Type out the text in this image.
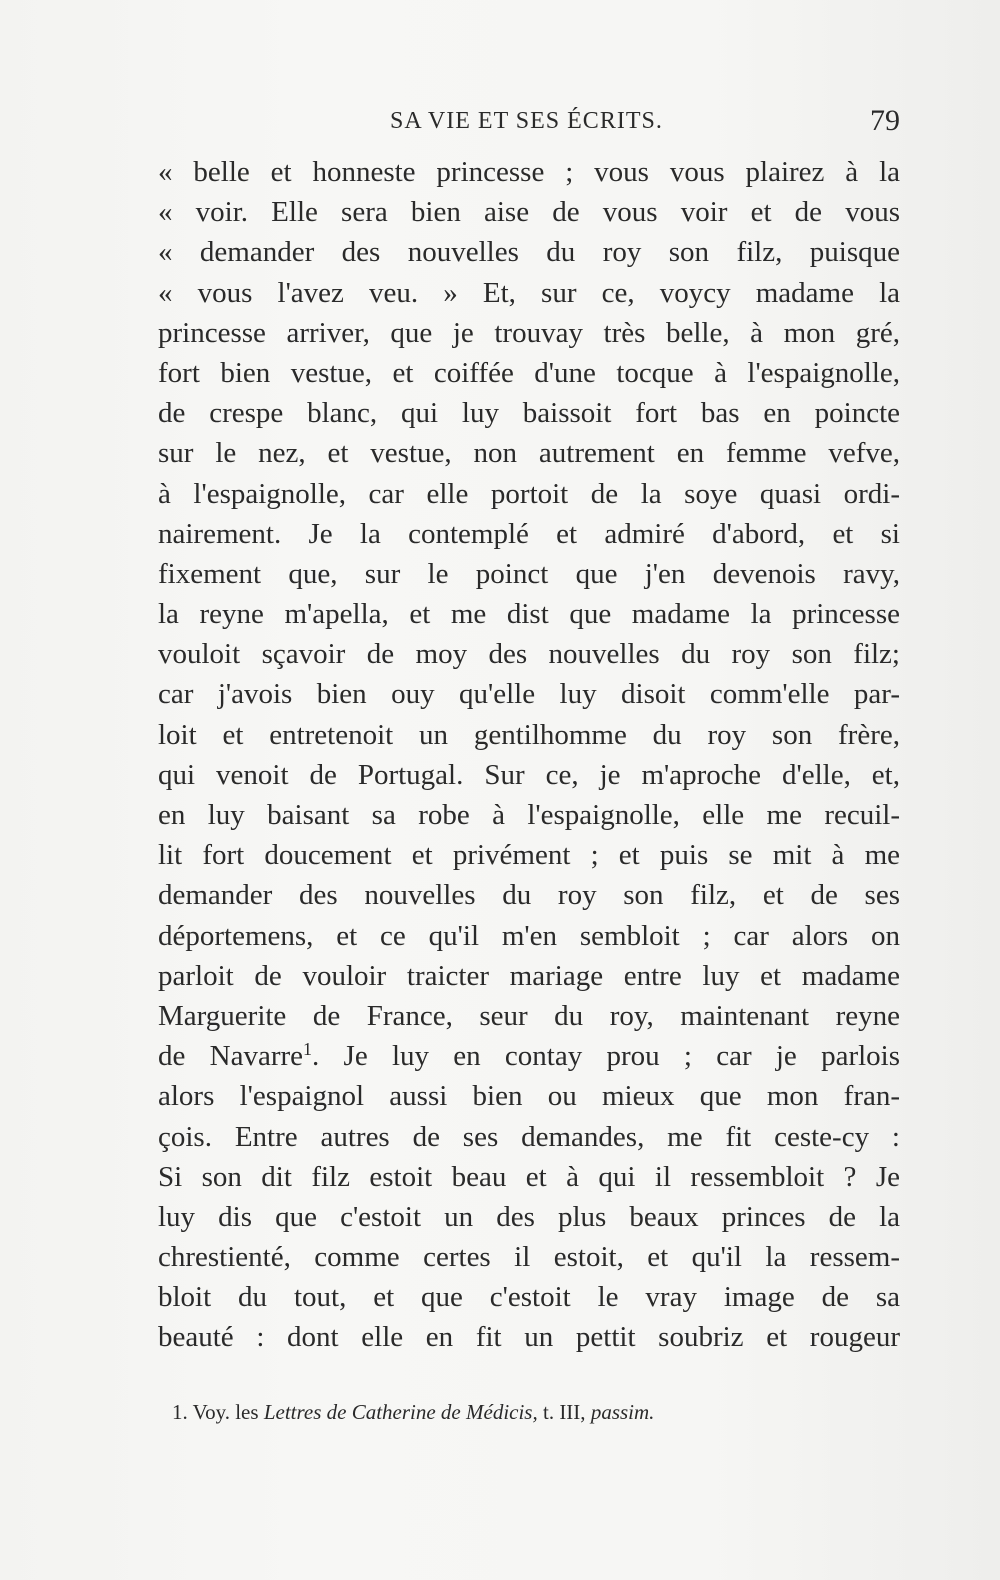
SA VIE ET SES ÉCRITS.	79
« belle et honneste princesse ; vous vous plairez à la
« voir. Elle sera bien aise de vous voir et de vous
« demander des nouvelles du roy son filz, puisque
« vous l'avez veu. » Et, sur ce, voycy madame la
princesse arriver, que je trouvay très belle, à mon gré,
fort bien vestue, et coiffée d'une tocque à l'espaignolle,
de crespe blanc, qui luy baissoit fort bas en poincte
sur le nez, et vestue, non autrement en femme vefve,
à l'espaignolle, car elle portoit de la soye quasi ordi-
nairement. Je la contemplé et admiré d'abord, et si
fixement que, sur le poinct que j'en devenois ravy,
la reyne m'apella, et me dist que madame la princesse
vouloit sçavoir de moy des nouvelles du roy son filz;
car j'avois bien ouy qu'elle luy disoit comm'elle par-
loit et entretenoit un gentilhomme du roy son frère,
qui venoit de Portugal. Sur ce, je m'aproche d'elle, et,
en luy baisant sa robe à l'espaignolle, elle me recuil-
lit fort doucement et privément ; et puis se mit à me
demander des nouvelles du roy son filz, et de ses
déportemens, et ce qu'il m'en sembloit ; car alors on
parloit de vouloir traicter mariage entre luy et madame
Marguerite de France, seur du roy, maintenant reyne
de Navarre$^1$. Je luy en contay prou ; car je parlois
alors l'espaignol aussi bien ou mieux que mon fran-
çois. Entre autres de ses demandes, me fit ceste-cy :
Si son dit filz estoit beau et à qui il ressembloit ? Je
luy dis que c'estoit un des plus beaux princes de la
chrestienté, comme certes il estoit, et qu'il la ressem-
bloit du tout, et que c'estoit le vray image de sa
beauté : dont elle en fit un pettit soubriz et rougeur
1. Voy. les Lettres de Catherine de Médicis, t. III, passim.
